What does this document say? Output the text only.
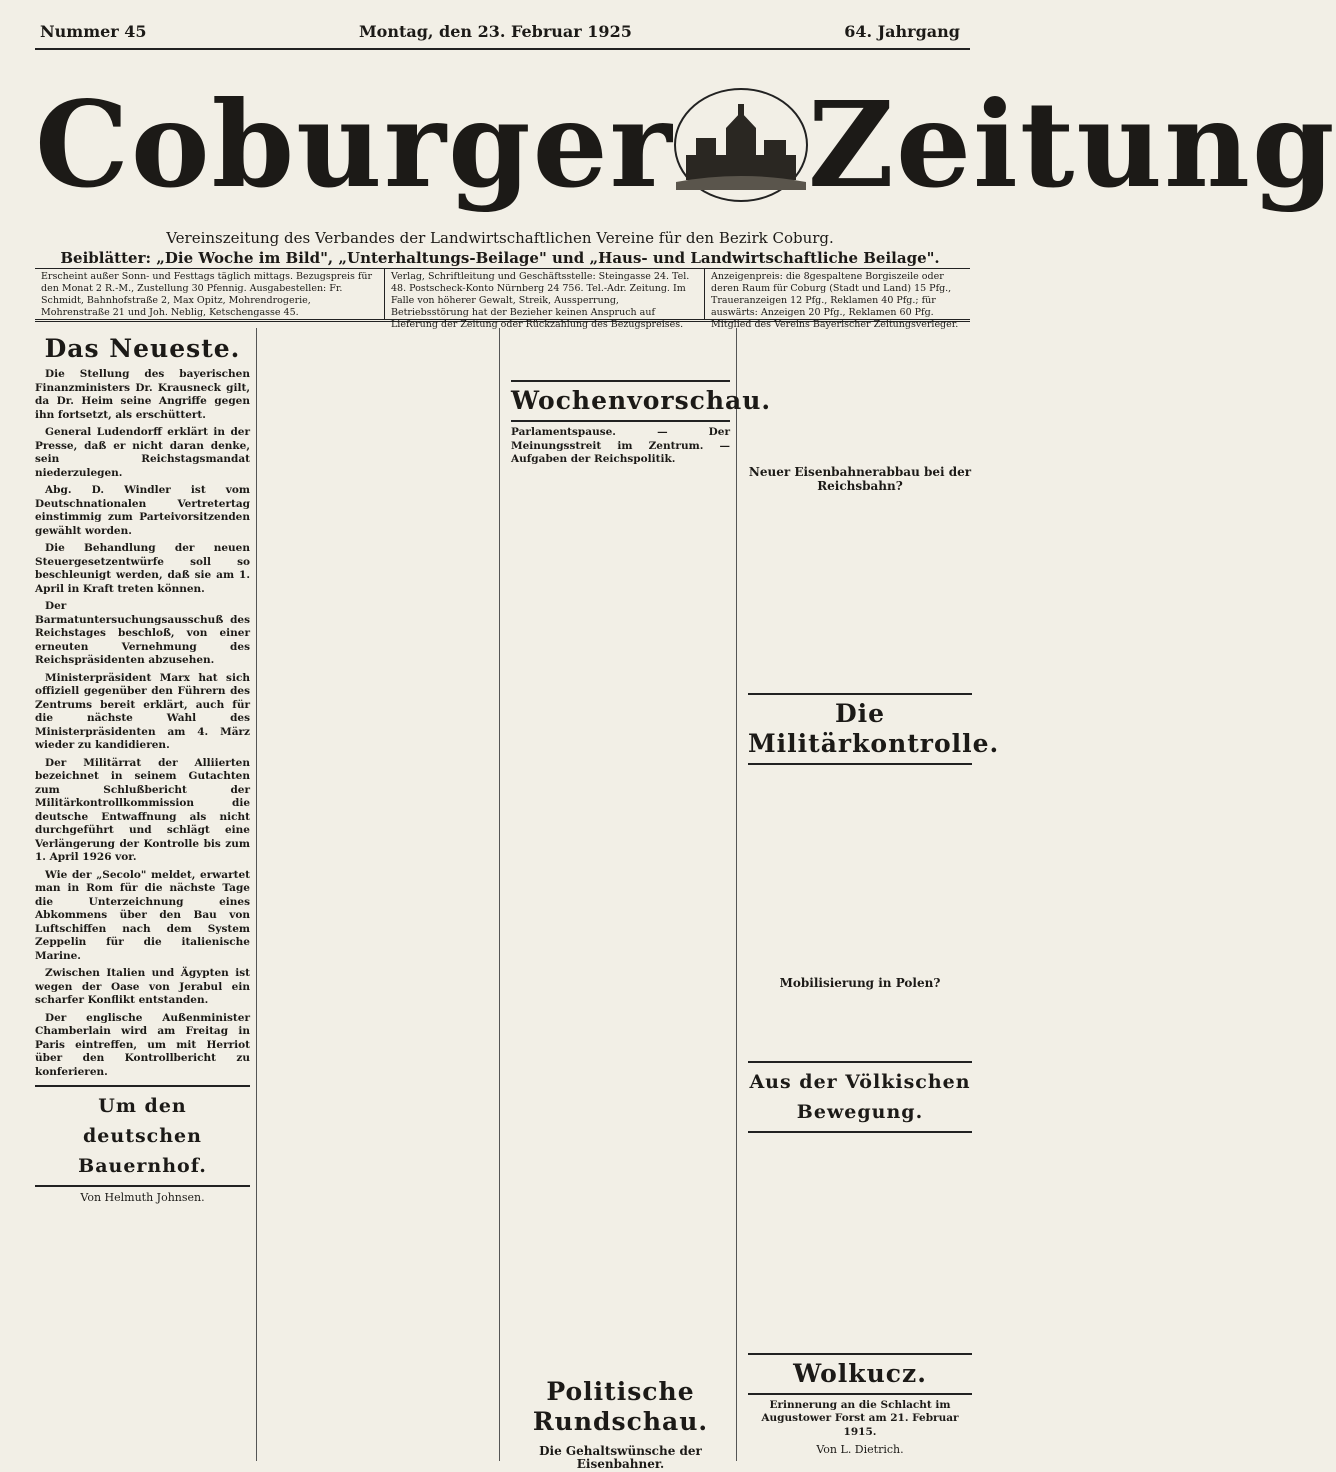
Nummer 45	Montag, den 23. Februar 1925	64. Jahrgang
Coburger Zeitung
Vereinszeitung des Verbandes der Landwirtschaftlichen Vereine für den Bezirk Coburg.
Beiblätter: „Die Woche im Bild", „Unterhaltungs-Beilage" und „Haus- und Landwirtschaftliche Beilage".
Erscheint außer Sonn- und Festtags täglich mittags. Bezugspreis für den Monat 2 R.-M., Zustellung 30 Pfennig. Ausgabestellen: Fr. Schmidt, Bahnhofstraße 2, Max Opitz, Mohrendrogerie, Mohrenstraße 21 und Joh. Neblig, Ketschengasse 45.
Verlag, Schriftleitung und Geschäftsstelle: Steingasse 24. Tel. 48. Postscheck-Konto Nürnberg 24 756. Tel.-Adr. Zeitung. Im Falle von höherer Gewalt, Streik, Aussperrung, Betriebsstörung hat der Bezieher keinen Anspruch auf Lieferung der Zeitung oder Rückzahlung des Bezugspreises.
Anzeigenpreis: die 8gespaltene Borgiszeile oder deren Raum für Coburg (Stadt und Land) 15 Pfg., Traueranzeigen 12 Pfg., Reklamen 40 Pfg.; für auswärts: Anzeigen 20 Pfg., Reklamen 60 Pfg. Mitglied des Vereins Bayerischer Zeitungsverleger.
Das Neueste.

Die Stellung des bayerischen Finanzministers Dr. Krausneck gilt, da Dr. Heim seine Angriffe gegen ihn fortsetzt, als erschüttert.

General Ludendorff erklärt in der Presse, daß er nicht daran denke, sein Reichstagsmandat niederzulegen.

Abg. D. Windler ist vom Deutschnationalen Vertretertag einstimmig zum Parteivorsitzenden gewählt worden.

Die Behandlung der neuen Steuergesetzentwürfe soll so beschleunigt werden, daß sie am 1. April in Kraft treten können.

Der Barmatuntersuchungsausschuß des Reichstages beschloß, von einer erneuten Vernehmung des Reichspräsidenten abzusehen.

Ministerpräsident Marx hat sich offiziell gegenüber den Führern des Zentrums bereit erklärt, auch für die nächste Wahl des Ministerpräsidenten am 4. März wieder zu kandidieren.

Der Militärrat der Alliierten bezeichnet in seinem Gutachten zum Schlußbericht der Militärkontrollkommission die deutsche Entwaffnung als nicht durchgeführt und schlägt eine Verlängerung der Kontrolle bis zum 1. April 1926 vor.

Wie der „Secolo" meldet, erwartet man in Rom für die nächste Tage die Unterzeichnung eines Abkommens über den Bau von Luftschiffen nach dem System Zeppelin für die italienische Marine.

Zwischen Italien und Ägypten ist wegen der Oase von Jerabul ein scharfer Konflikt entstanden.

Der englische Außenminister Chamberlain wird am Freitag in Paris eintreffen, um mit Herriot über den Kontrollbericht zu konferieren.

Um den deutschen Bauernhof.
Von Helmuth Johnsen.
Wochenvorschau.

Parlamentspause. — Der Meinungsstreit im Zentrum. — Aufgaben der Reichspolitik.

Politische Rundschau.
Die Gehaltswünsche der Eisenbahner.
Neuer Eisenbahnerabbau bei der Reichsbahn?
Die Militärkontrolle.
Mobilisierung in Polen?
Aus der Völkischen Bewegung.
Wolkucz.

Erinnerung an die Schlacht im Augustower Forst am 21. Februar 1915.

Von L. Dietrich.
